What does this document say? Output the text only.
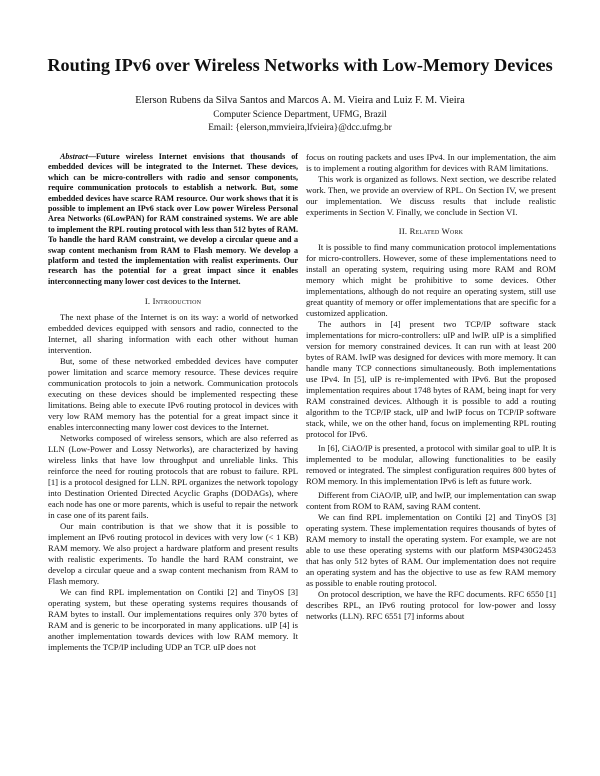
Routing IPv6 over Wireless Networks with Low-Memory Devices
Elerson Rubens da Silva Santos and Marcos A. M. Vieira and Luiz F. M. Vieira
Computer Science Department, UFMG, Brazil
Email: {elerson,mmvieira,lfvieira}@dcc.ufmg.br

Abstract—Future wireless Internet envisions that thousands of embedded devices will be integrated to the Internet. These devices, which can be micro-controllers with radio and sensor components, require communication protocols to establish a network. But, some embedded devices have scarce RAM resource. Our work shows that it is possible to implement an IPv6 stack over Low power Wireless Personal Area Networks (6LowPAN) for RAM constrained systems. We are able to implement the RPL routing protocol with less than 512 bytes of RAM. To handle the hard RAM constraint, we develop a circular queue and a swap content mechanism from RAM to Flash memory. We develop a platform and tested the implementation with realist experiments. Our research has the potential for a great impact since it enables interconnecting many lower cost devices to the Internet.

I. Introduction

The next phase of the Internet is on its way: a world of networked embedded devices equipped with sensors and radio, connected to the Internet, all sharing information with each other without human intervention.

But, some of these networked embedded devices have computer power limitation and scarce memory resource. These devices require communication protocols to join a network. Communication protocols executing on these devices should be implemented respecting these limitations. Being able to execute IPv6 routing protocol in devices with very low RAM memory has the potential for a great impact since it enables interconnecting many lower cost devices to the Internet.

Networks composed of wireless sensors, which are also referred as LLN (Low-Power and Lossy Networks), are characterized by having wireless links that have low throughput and unreliable links. This reinforce the need for routing protocols that are robust to failure. RPL [1] is a protocol designed for LLN. RPL organizes the network topology into Destination Oriented Directed Acyclic Graphs (DODAGs), where each node has one or more parents, which is useful to repair the network in case one of its parent fails.

Our main contribution is that we show that it is possible to implement an IPv6 routing protocol in devices with very low (< 1 KB) RAM memory. We also project a hardware platform and present results with realistic experiments. To handle the hard RAM constraint, we develop a circular queue and a swap content mechanism from RAM to Flash memory.

We can find RPL implementation on Contiki [2] and TinyOS [3] operating system, but these operating systems requires thousands of RAM bytes to install. Our implementations requires only 370 bytes of RAM and is generic to be incorporated in many applications. uIP [4] is another implementation towards devices with low RAM memory. It implements the TCP/IP including UDP an TCP. uIP does not

focus on routing packets and uses IPv4. In our implementation, the aim is to implement a routing algorithm for devices with RAM limitations.

This work is organized as follows. Next section, we describe related work. Then, we provide an overview of RPL. On Section IV, we present our implementation. We discuss results that include realistic experiments in Section V. Finally, we conclude in Section VI.

II. Related Work

It is possible to find many communication protocol implementations for micro-controllers. However, some of these implementations need to install an operating system, requiring using more RAM and ROM memory which might be prohibitive to some devices. Other implementations, although do not require an operating system, still use great quantity of memory or offer implementations that are specific for a customized application.

The authors in [4] present two TCP/IP software stack implementations for micro-controllers: uIP and lwIP. uIP is a simplified version for memory constrained devices. It can run with at least 200 bytes of RAM. lwIP was designed for devices with more memory. It can handle many TCP connections simultaneously. Both implementations use IPv4. In [5], uIP is re-implemented with IPv6. But the proposed implementation requires about 1748 bytes of RAM, being inapt for very RAM constrained devices. Although it is possible to add a routing algorithm to the TCP/IP stack, uIP and lwIP focus on TCP/IP software stack, while, we on the other hand, focus on implementing RPL routing protocol for IPv6.

In [6], CiAO/IP is presented, a protocol with similar goal to uIP. It is implemented to be modular, allowing functionalities to be easily removed or integrated. The simplest configuration requires 800 bytes of ROM memory. In this implementation IPv6 is left as future work.

Different from CiAO/IP, uIP, and lwIP, our implementation can swap content from ROM to RAM, saving RAM content.

We can find RPL implementation on Contiki [2] and TinyOS [3] operating system. These implementation requires thousands of bytes of RAM memory to install the operating system. For example, we are not able to use these operating systems with our platform MSP430G2453 that has only 512 bytes of RAM. Our implementation does not require an operating system and has the objective to use as few RAM memory as possible to enable routing protocol.

On protocol description, we have the RFC documents. RFC 6550 [1] describes RPL, an IPv6 routing protocol for low-power and lossy networks (LLN). RFC 6551 [7] informs about
